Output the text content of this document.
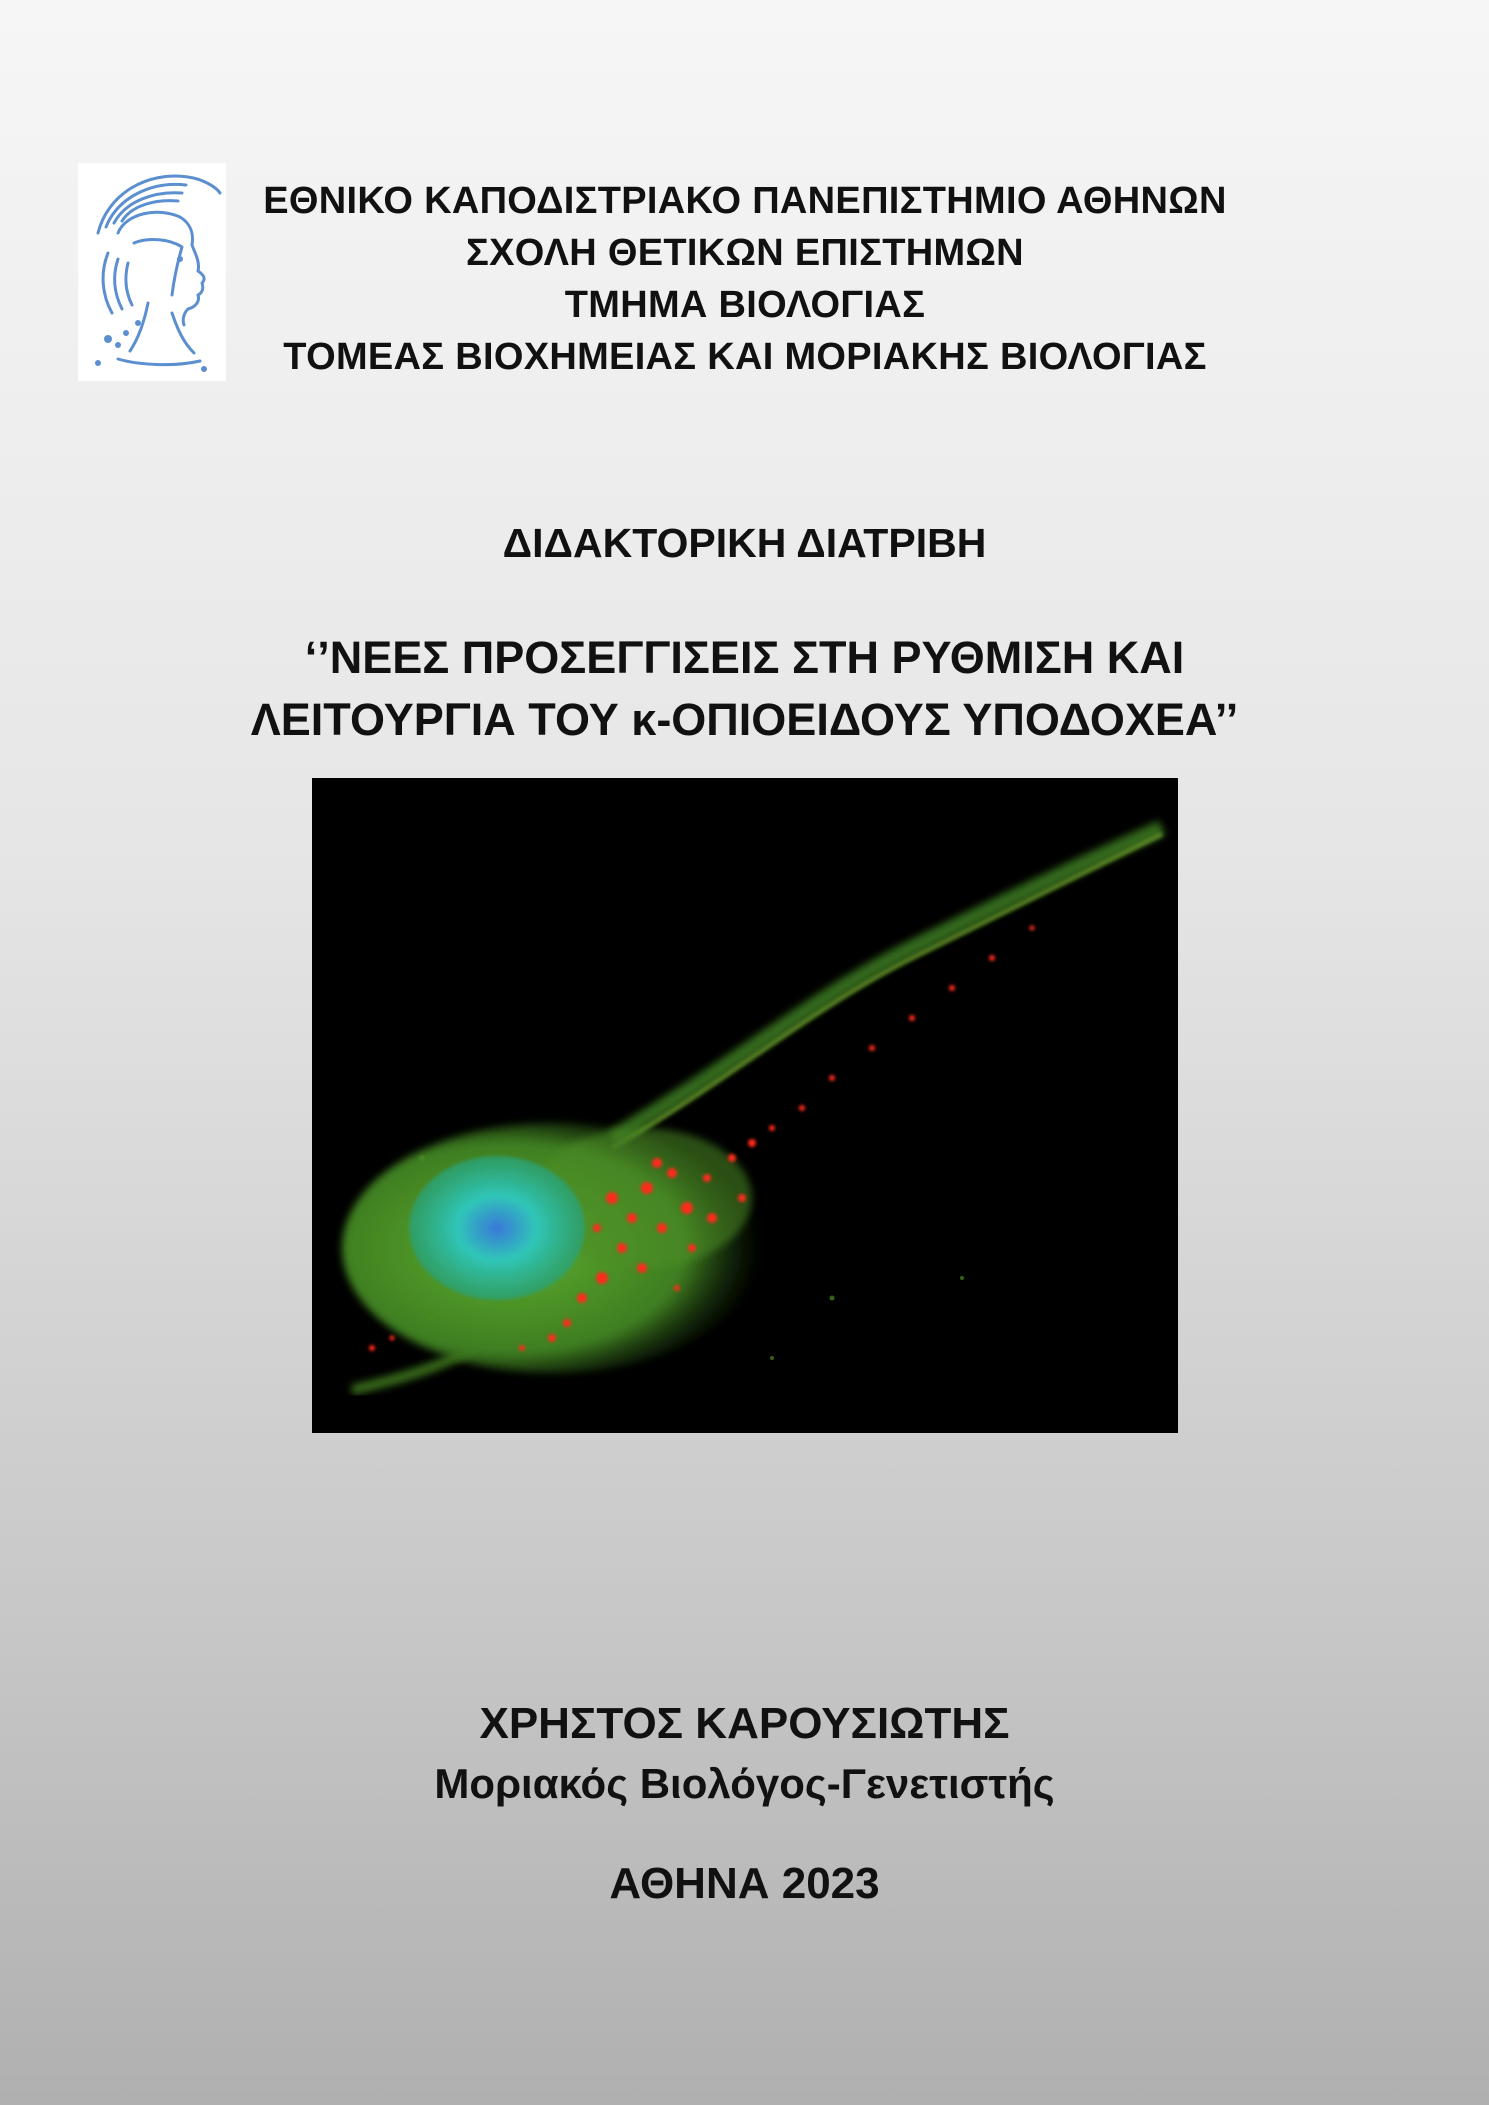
ΕΘΝΙΚΟ ΚΑΠΟΔΙΣΤΡΙΑΚΟ ΠΑΝΕΠΙΣΤΗΜΙΟ ΑΘΗΝΩΝ
ΣΧΟΛΗ ΘΕΤΙΚΩΝ ΕΠΙΣΤΗΜΩΝ
ΤΜΗΜΑ ΒΙΟΛΟΓΙΑΣ
ΤΟΜΕΑΣ ΒΙΟΧΗΜΕΙΑΣ ΚΑΙ ΜΟΡΙΑΚΗΣ ΒΙΟΛΟΓΙΑΣ
ΔΙΔΑΚΤΟΡΙΚΗ ΔΙΑΤΡΙΒΗ
‘’ΝΕΕΣ ΠΡΟΣΕΓΓΙΣΕΙΣ ΣΤΗ ΡΥΘΜΙΣΗ ΚΑΙ
ΛΕΙΤΟΥΡΓΙΑ ΤΟΥ κ-ΟΠΙΟΕΙΔΟΥΣ ΥΠΟΔΟΧΕΑ’’
ΧΡΗΣΤΟΣ ΚΑΡΟΥΣΙΩΤΗΣ
Μοριακός Βιολόγος-Γενετιστής
ΑΘΗΝΑ 2023
